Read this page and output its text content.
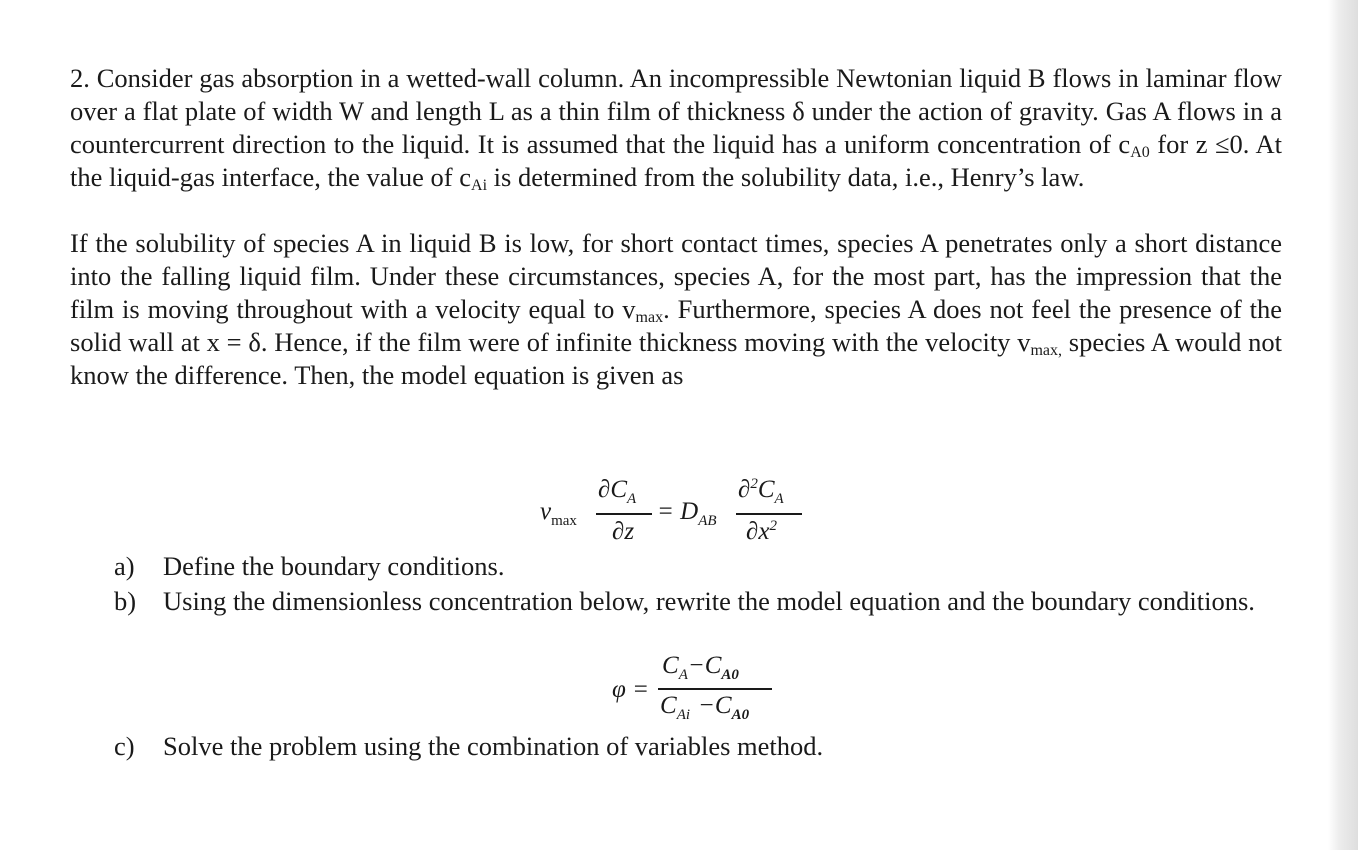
2. Consider gas absorption in a wetted-wall column. An incompressible Newtonian liquid B flows in laminar flow over a flat plate of width W and length L as a thin film of thickness δ under the action of gravity. Gas A flows in a countercurrent direction to the liquid. It is assumed that the liquid has a uniform concentration of $c_{A0}$ for z ≤0. At the liquid-gas interface, the value of $c_{Ai}$ is determined from the solubility data, i.e., Henry’s law.

If the solubility of species A in liquid B is low, for short contact times, species A penetrates only a short distance into the falling liquid film. Under these circumstances, species A, for the most part, has the impression that the film is moving throughout with a velocity equal to $v_{max}$. Furthermore, species A does not feel the presence of the solid wall at x = δ. Hence, if the film were of infinite thickness moving with the velocity $v_{max,}$ species A would not know the difference. Then, the model equation is given as

$v_{max}$
$\partial C_A$
∂z
= $D_{AB}$
$\partial^2C_A$
$\partial x^2$
a) Define the boundary conditions.
b) Using the dimensionless concentration below, rewrite the model equation and the boundary conditions.
φ =
$C_A-C_{A0}$
$C_{Ai} -C_{A0}$
c) Solve the problem using the combination of variables method.
